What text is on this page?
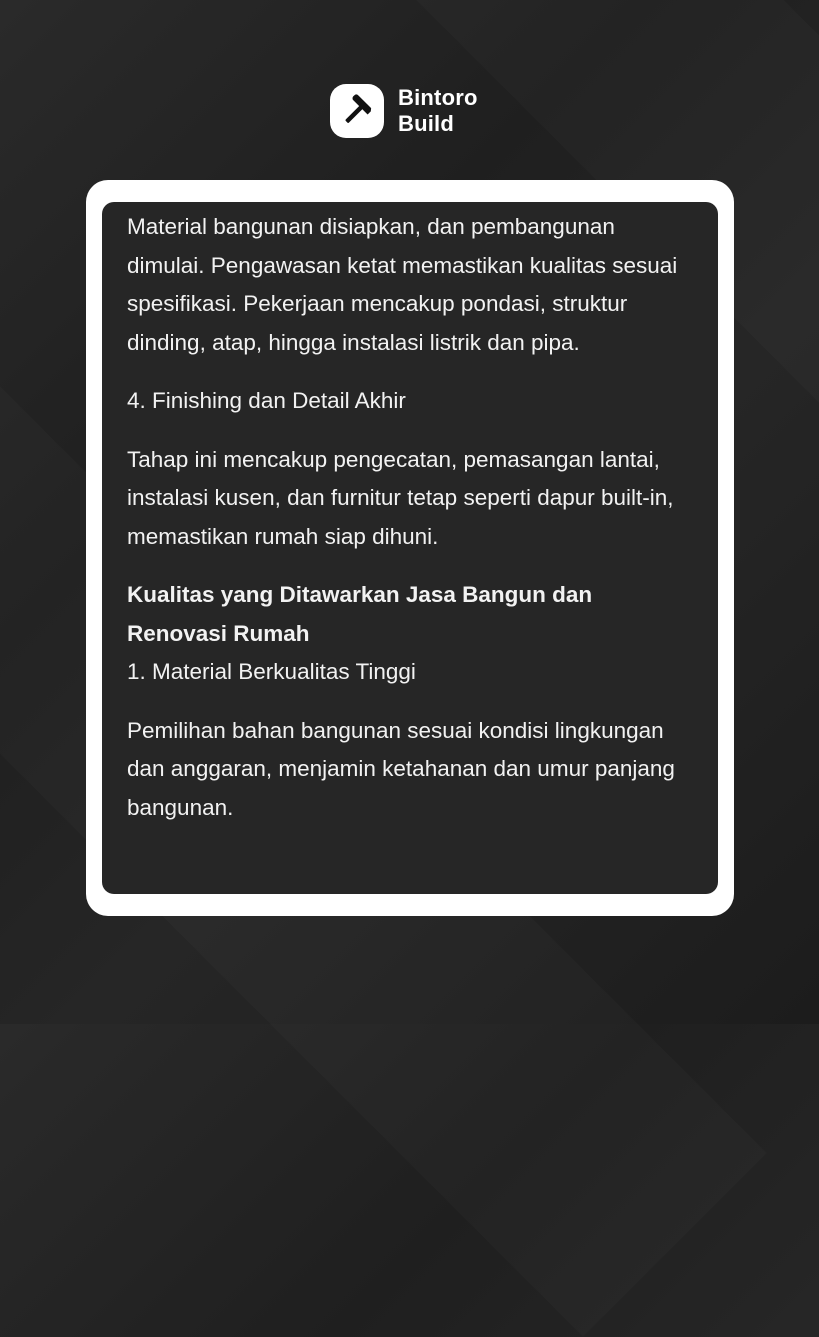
Bintoro
Build

Material bangunan disiapkan, dan pembangunan dimulai. Pengawasan ketat memastikan kualitas sesuai spesifikasi. Pekerjaan mencakup pondasi, struktur dinding, atap, hingga instalasi listrik dan pipa.

4. Finishing dan Detail Akhir

Tahap ini mencakup pengecatan, pemasangan lantai, instalasi kusen, dan furnitur tetap seperti dapur built-in, memastikan rumah siap dihuni.

Kualitas yang Ditawarkan Jasa Bangun dan Renovasi Rumah

1. Material Berkualitas Tinggi

Pemilihan bahan bangunan sesuai kondisi lingkungan dan anggaran, menjamin ketahanan dan umur panjang bangunan.
